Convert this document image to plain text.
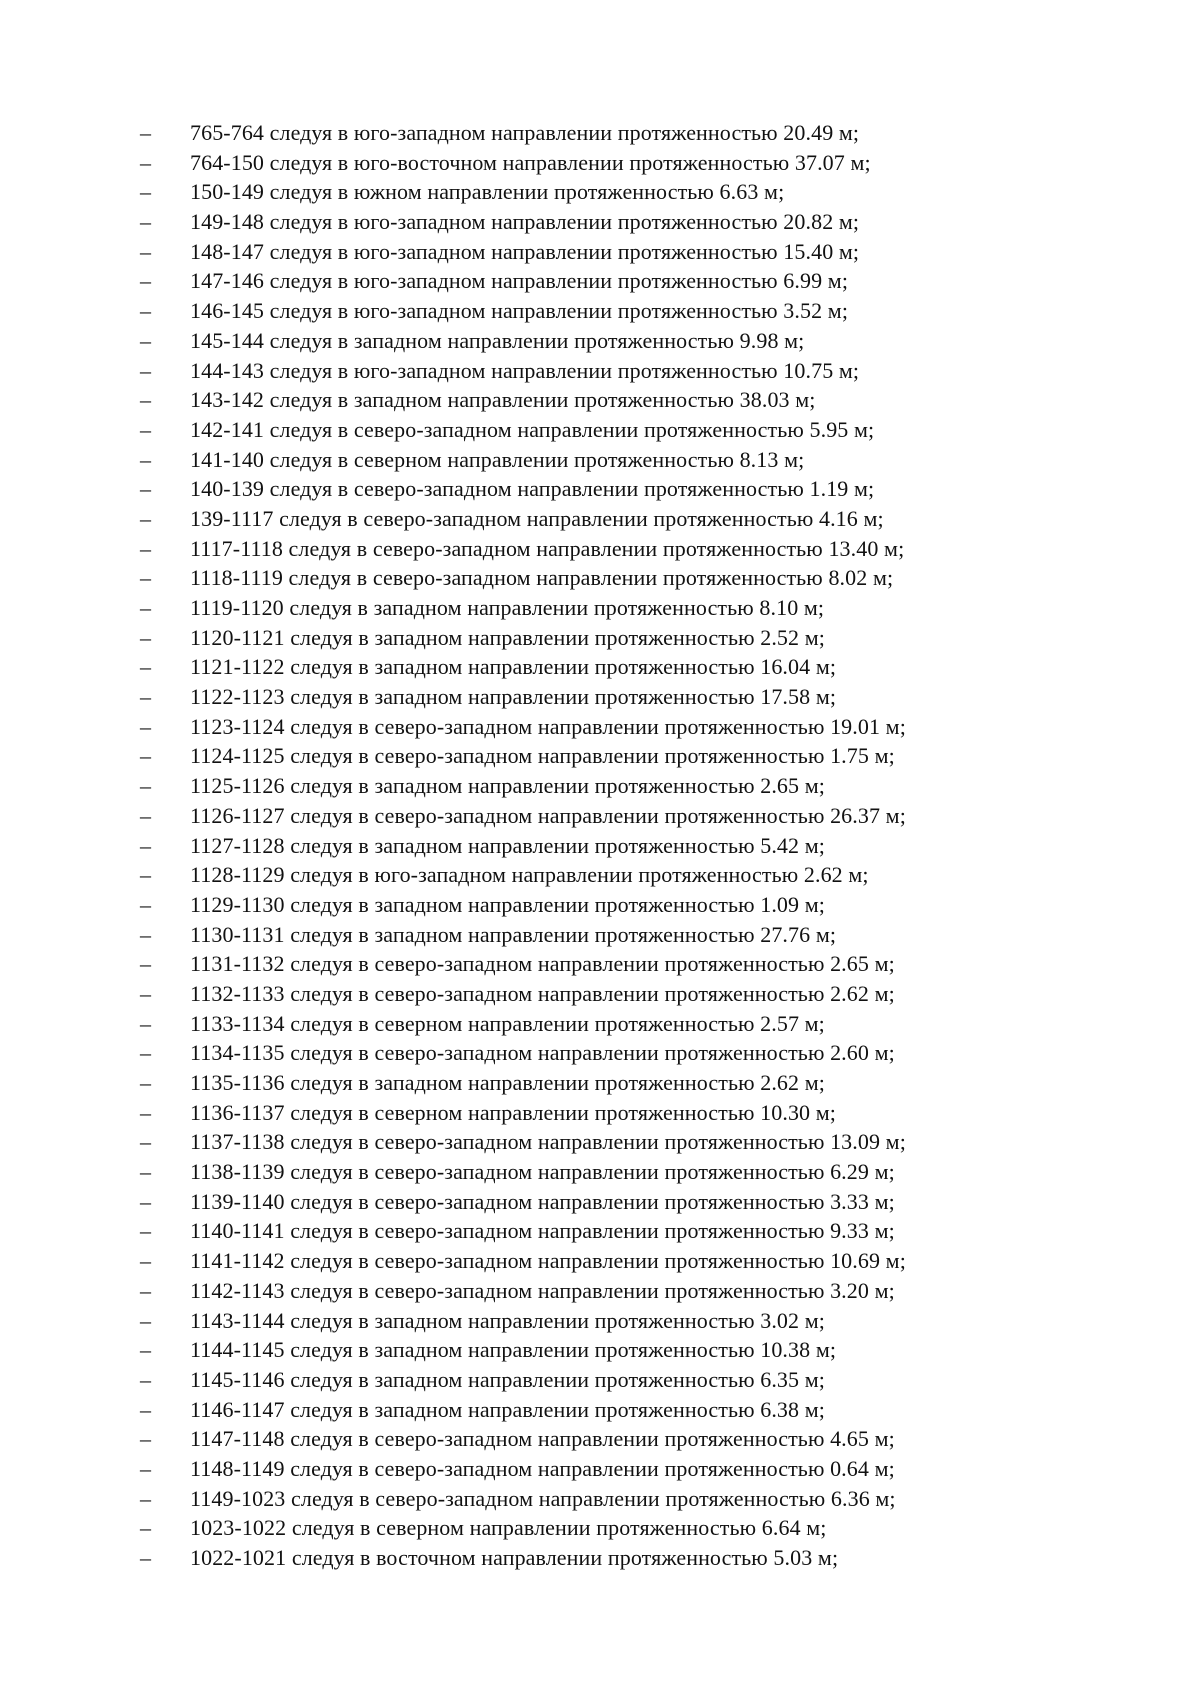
–	765-764 следуя в юго-западном направлении протяженностью 20.49 м;
–	764-150 следуя в юго-восточном направлении протяженностью 37.07 м;
–	150-149 следуя в южном направлении протяженностью 6.63 м;
–	149-148 следуя в юго-западном направлении протяженностью 20.82 м;
–	148-147 следуя в юго-западном направлении протяженностью 15.40 м;
–	147-146 следуя в юго-западном направлении протяженностью 6.99 м;
–	146-145 следуя в юго-западном направлении протяженностью 3.52 м;
–	145-144 следуя в западном направлении протяженностью 9.98 м;
–	144-143 следуя в юго-западном направлении протяженностью 10.75 м;
–	143-142 следуя в западном направлении протяженностью 38.03 м;
–	142-141 следуя в северо-западном направлении протяженностью 5.95 м;
–	141-140 следуя в северном направлении протяженностью 8.13 м;
–	140-139 следуя в северо-западном направлении протяженностью 1.19 м;
–	139-1117 следуя в северо-западном направлении протяженностью 4.16 м;
–	1117-1118 следуя в северо-западном направлении протяженностью 13.40 м;
–	1118-1119 следуя в северо-западном направлении протяженностью 8.02 м;
–	1119-1120 следуя в западном направлении протяженностью 8.10 м;
–	1120-1121 следуя в западном направлении протяженностью 2.52 м;
–	1121-1122 следуя в западном направлении протяженностью 16.04 м;
–	1122-1123 следуя в западном направлении протяженностью 17.58 м;
–	1123-1124 следуя в северо-западном направлении протяженностью 19.01 м;
–	1124-1125 следуя в северо-западном направлении протяженностью 1.75 м;
–	1125-1126 следуя в западном направлении протяженностью 2.65 м;
–	1126-1127 следуя в северо-западном направлении протяженностью 26.37 м;
–	1127-1128 следуя в западном направлении протяженностью 5.42 м;
–	1128-1129 следуя в юго-западном направлении протяженностью 2.62 м;
–	1129-1130 следуя в западном направлении протяженностью 1.09 м;
–	1130-1131 следуя в западном направлении протяженностью 27.76 м;
–	1131-1132 следуя в северо-западном направлении протяженностью 2.65 м;
–	1132-1133 следуя в северо-западном направлении протяженностью 2.62 м;
–	1133-1134 следуя в северном направлении протяженностью 2.57 м;
–	1134-1135 следуя в северо-западном направлении протяженностью 2.60 м;
–	1135-1136 следуя в западном направлении протяженностью 2.62 м;
–	1136-1137 следуя в северном направлении протяженностью 10.30 м;
–	1137-1138 следуя в северо-западном направлении протяженностью 13.09 м;
–	1138-1139 следуя в северо-западном направлении протяженностью 6.29 м;
–	1139-1140 следуя в северо-западном направлении протяженностью 3.33 м;
–	1140-1141 следуя в северо-западном направлении протяженностью 9.33 м;
–	1141-1142 следуя в северо-западном направлении протяженностью 10.69 м;
–	1142-1143 следуя в северо-западном направлении протяженностью 3.20 м;
–	1143-1144 следуя в западном направлении протяженностью 3.02 м;
–	1144-1145 следуя в западном направлении протяженностью 10.38 м;
–	1145-1146 следуя в западном направлении протяженностью 6.35 м;
–	1146-1147 следуя в западном направлении протяженностью 6.38 м;
–	1147-1148 следуя в северо-западном направлении протяженностью 4.65 м;
–	1148-1149 следуя в северо-западном направлении протяженностью 0.64 м;
–	1149-1023 следуя в северо-западном направлении протяженностью 6.36 м;
–	1023-1022 следуя в северном направлении протяженностью 6.64 м;
–	1022-1021 следуя в восточном направлении протяженностью 5.03 м;
